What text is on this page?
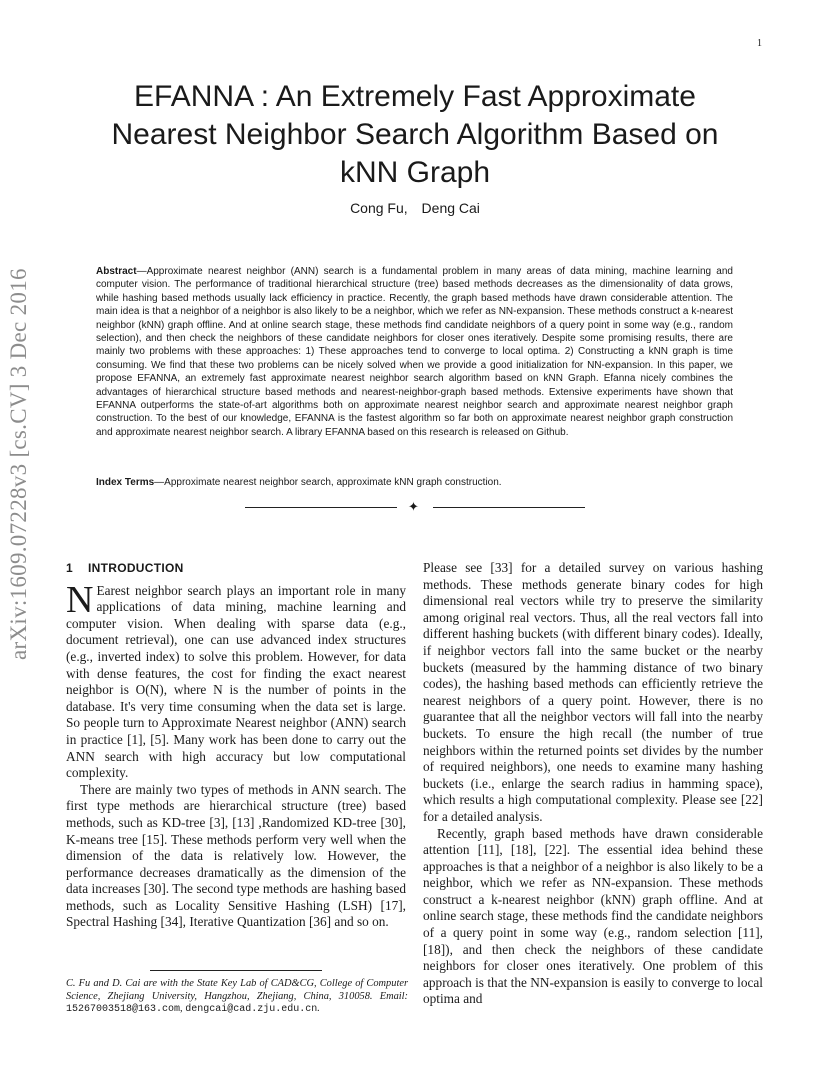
1
arXiv:1609.07228v3 [cs.CV] 3 Dec 2016
EFANNA : An Extremely Fast Approximate
Nearest Neighbor Search Algorithm Based on
kNN Graph
Cong Fu, Deng Cai

Abstract—Approximate nearest neighbor (ANN) search is a fundamental problem in many areas of data mining, machine learning and computer vision. The performance of traditional hierarchical structure (tree) based methods decreases as the dimensionality of data grows, while hashing based methods usually lack efficiency in practice. Recently, the graph based methods have drawn considerable attention. The main idea is that a neighbor of a neighbor is also likely to be a neighbor, which we refer as NN-expansion. These methods construct a k-nearest neighbor (kNN) graph offline. And at online search stage, these methods find candidate neighbors of a query point in some way (e.g., random selection), and then check the neighbors of these candidate neighbors for closer ones iteratively. Despite some promising results, there are mainly two problems with these approaches: 1) These approaches tend to converge to local optima. 2) Constructing a kNN graph is time consuming. We find that these two problems can be nicely solved when we provide a good initialization for NN-expansion. In this paper, we propose EFANNA, an extremely fast approximate nearest neighbor search algorithm based on kNN Graph. Efanna nicely combines the advantages of hierarchical structure based methods and nearest-neighbor-graph based methods. Extensive experiments have shown that EFANNA outperforms the state-of-art algorithms both on approximate nearest neighbor search and approximate nearest neighbor graph construction. To the best of our knowledge, EFANNA is the fastest algorithm so far both on approximate nearest neighbor graph construction and approximate nearest neighbor search. A library EFANNA based on this research is released on Github.

Index Terms—Approximate nearest neighbor search, approximate kNN graph construction.

✦
1 INTRODUCTION

N Earest neighbor search plays an important role in many applications of data mining, machine learning and computer vision. When dealing with sparse data (e.g., document retrieval), one can use advanced index structures (e.g., inverted index) to solve this problem. However, for data with dense features, the cost for finding the exact nearest neighbor is O(N), where N is the number of points in the database. It's very time consuming when the data set is large. So people turn to Approximate Nearest neighbor (ANN) search in practice [1], [5]. Many work has been done to carry out the ANN search with high accuracy but low computational complexity.

There are mainly two types of methods in ANN search. The first type methods are hierarchical structure (tree) based methods, such as KD-tree [3], [13] ,Randomized KD-tree [30], K-means tree [15]. These methods perform very well when the dimension of the data is relatively low. However, the performance decreases dramatically as the dimension of the data increases [30]. The second type methods are hashing based methods, such as Locality Sensitive Hashing (LSH) [17], Spectral Hashing [34], Iterative Quantization [36] and so on.

Please see [33] for a detailed survey on various hashing methods. These methods generate binary codes for high dimensional real vectors while try to preserve the similarity among original real vectors. Thus, all the real vectors fall into different hashing buckets (with different binary codes). Ideally, if neighbor vectors fall into the same bucket or the nearby buckets (measured by the hamming distance of two binary codes), the hashing based methods can efficiently retrieve the nearest neighbors of a query point. However, there is no guarantee that all the neighbor vectors will fall into the nearby buckets. To ensure the high recall (the number of true neighbors within the returned points set divides by the number of required neighbors), one needs to examine many hashing buckets (i.e., enlarge the search radius in hamming space), which results a high computational complexity. Please see [22] for a detailed analysis.

Recently, graph based methods have drawn considerable attention [11], [18], [22]. The essential idea behind these approaches is that a neighbor of a neighbor is also likely to be a neighbor, which we refer as NN-expansion. These methods construct a k-nearest neighbor (kNN) graph offline. And at online search stage, these methods find the candidate neighbors of a query point in some way (e.g., random selection [11], [18]), and then check the neighbors of these candidate neighbors for closer ones iteratively. One problem of this approach is that the NN-expansion is easily to converge to local optima and

C. Fu and D. Cai are with the State Key Lab of CAD&CG, College of Computer Science, Zhejiang University, Hangzhou, Zhejiang, China, 310058. Email: 15267003518@163.com, dengcai@cad.zju.edu.cn.
